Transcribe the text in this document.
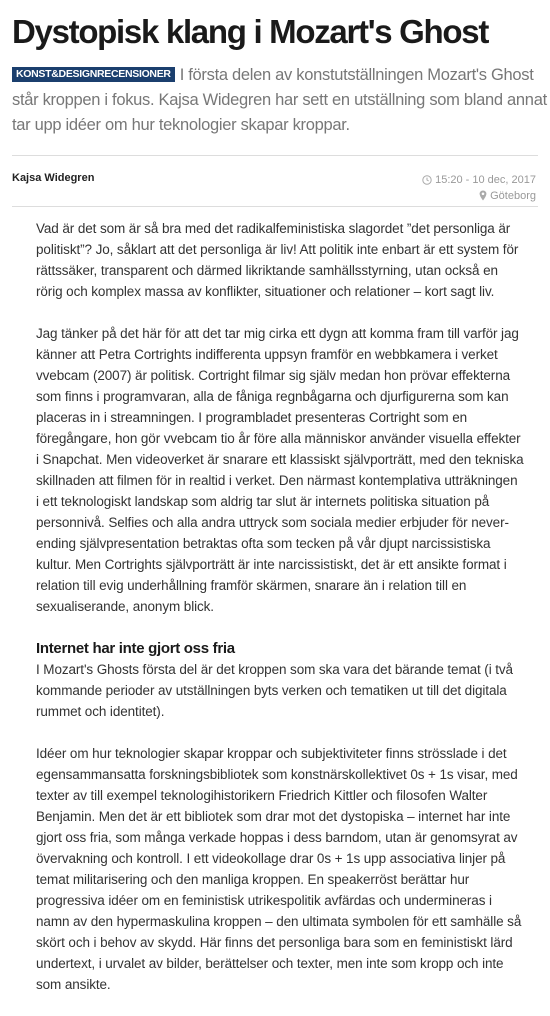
Dystopisk klang i Mozart's Ghost
KONST&DESIGNRECENSIONER I första delen av konstutställningen Mozart's Ghost står kroppen i fokus. Kajsa Widegren har sett en utställning som bland annat tar upp idéer om hur teknologier skapar kroppar.
Kajsa Widegren	15:20 - 10 dec, 2017
Göteborg

Vad är det som är så bra med det radikalfeministiska slagordet ”det personliga är politiskt”? Jo, såklart att det personliga är liv! Att politik inte enbart är ett system för rättssäker, transparent och därmed likriktande samhällsstyrning, utan också en rörig och komplex massa av konflikter, situationer och relationer – kort sagt liv.

Jag tänker på det här för att det tar mig cirka ett dygn att komma fram till varför jag känner att Petra Cortrights indifferenta uppsyn framför en webbkamera i verket vvebcam (2007) är politisk. Cortright filmar sig själv medan hon prövar effekterna som finns i programvaran, alla de fåniga regnbågarna och djurfigurerna som kan placeras in i streamningen. I programbladet presenteras Cortright som en föregångare, hon gör vvebcam tio år före alla människor använder visuella effekter i Snapchat. Men videoverket är snarare ett klassiskt självporträtt, med den tekniska skillnaden att filmen för in realtid i verket. Den närmast kontemplativa utträkningen i ett teknologiskt landskap som aldrig tar slut är internets politiska situation på personnivå. Selfies och alla andra uttryck som sociala medier erbjuder för never-ending självpresentation betraktas ofta som tecken på vår djupt narcissistiska kultur. Men Cortrights självporträtt är inte narcissistiskt, det är ett ansikte format i relation till evig underhållning framför skärmen, snarare än i relation till en sexualiserande, anonym blick.

Internet har inte gjort oss fria

I Mozart's Ghosts första del är det kroppen som ska vara det bärande temat (i två kommande perioder av utställningen byts verken och tematiken ut till det digitala rummet och identitet).

Idéer om hur teknologier skapar kroppar och subjektiviteter finns strösslade i det egensammansatta forskningsbibliotek som konstnärskollektivet 0s + 1s visar, med texter av till exempel teknologihistorikern Friedrich Kittler och filosofen Walter Benjamin. Men det är ett bibliotek som drar mot det dystopiska – internet har inte gjort oss fria, som många verkade hoppas i dess barndom, utan är genomsyrat av övervakning och kontroll. I ett videokollage drar 0s + 1s upp associativa linjer på temat militarisering och den manliga kroppen. En speakerröst berättar hur progressiva idéer om en feministisk utrikespolitik avfärdas och undermineras i namn av den hypermaskulina kroppen – den ultimata symbolen för ett samhälle så skört och i behov av skydd. Här finns det personliga bara som en feministiskt lärd undertext, i urvalet av bilder, berättelser och texter, men inte som kropp och inte som ansikte.
